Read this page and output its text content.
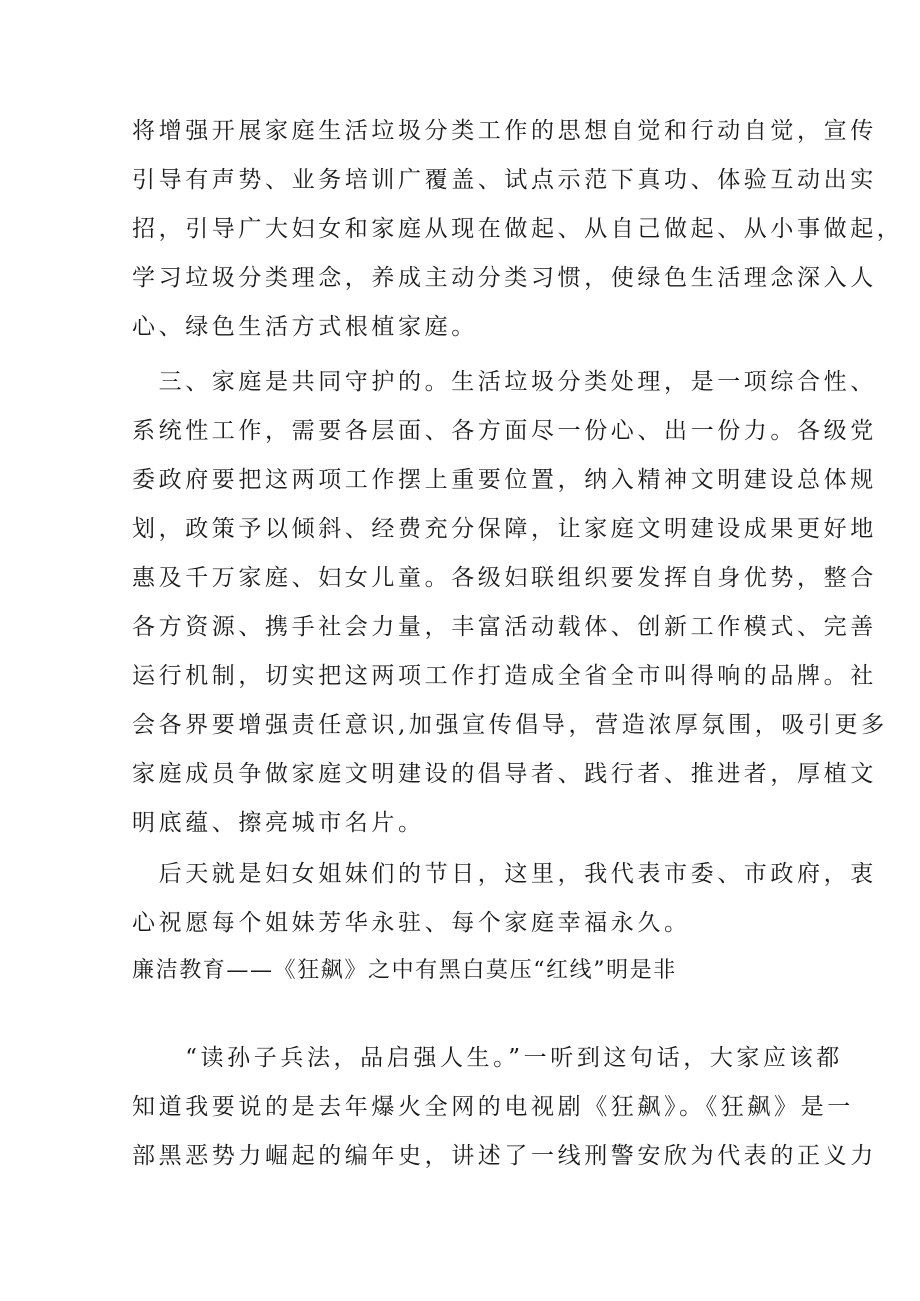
将增强开展家庭生活垃圾分类工作的思想自觉和行动自觉，宣传
引导有声势、业务培训广覆盖、试点示范下真功、体验互动出实
招，引导广大妇女和家庭从现在做起、从自己做起、从小事做起，
学习垃圾分类理念，养成主动分类习惯，使绿色生活理念深入人
心、绿色生活方式根植家庭。
　三、家庭是共同守护的。生活垃圾分类处理，是一项综合性、
系统性工作，需要各层面、各方面尽一份心、出一份力。各级党
委政府要把这两项工作摆上重要位置，纳入精神文明建设总体规
划，政策予以倾斜、经费充分保障，让家庭文明建设成果更好地
惠及千万家庭、妇女儿童。各级妇联组织要发挥自身优势，整合
各方资源、携手社会力量，丰富活动载体、创新工作模式、完善
运行机制，切实把这两项工作打造成全省全市叫得响的品牌。社
会各界要增强责任意识,加强宣传倡导，营造浓厚氛围，吸引更多
家庭成员争做家庭文明建设的倡导者、践行者、推进者，厚植文
明底蕴、擦亮城市名片。
　后天就是妇女姐妹们的节日，这里，我代表市委、市政府，衷
心祝愿每个姐妹芳华永驻、每个家庭幸福永久。
廉洁教育——《狂飙》之中有黑白莫压“红线”明是非
　　“读孙子兵法，品启强人生。”一听到这句话，大家应该都
知道我要说的是去年爆火全网的电视剧《狂飙》。《狂飙》是一
部黑恶势力崛起的编年史，讲述了一线刑警安欣为代表的正义力
